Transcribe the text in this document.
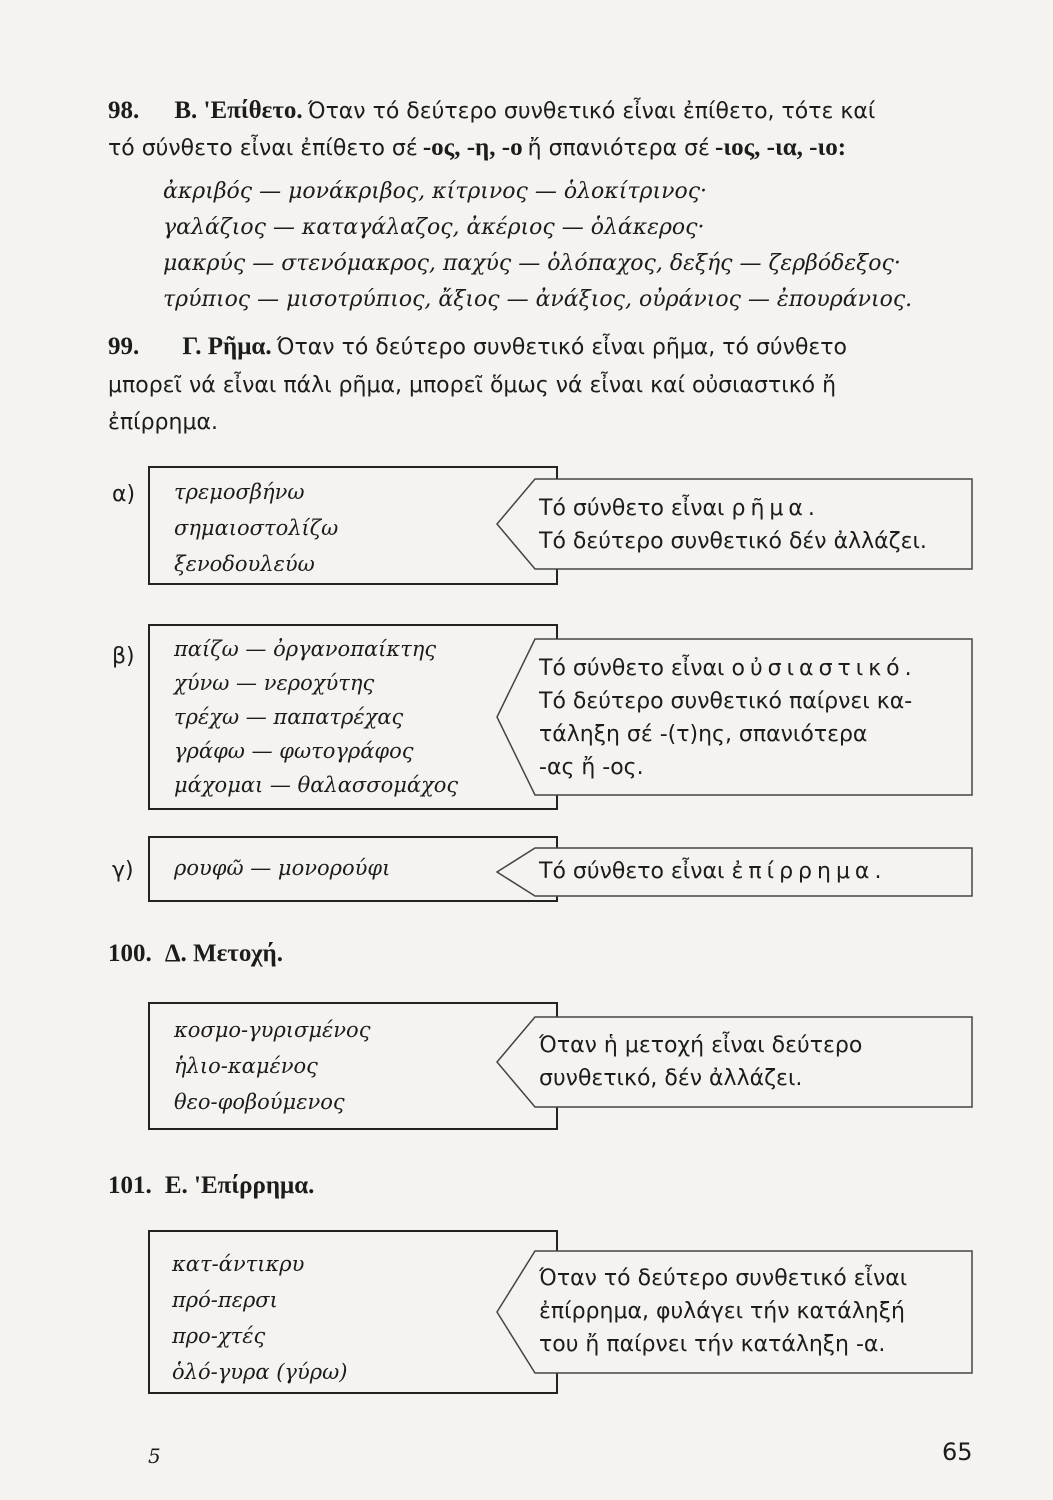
98. Β. 'Επίθετο. Όταν τό δεύτερο συνθετικό εἶναι ἐπίθετο, τότε καί
τό σύνθετο εἶναι ἐπίθετο σέ -ος, -η, -ο ἤ σπανιότερα σέ -ιος, -ια, -ιο:
ἀκριβός — μονάκριβος, κίτρινος — ὁλοκίτρινος·
γαλάζιος — καταγάλαζος, ἀκέριος — ὁλάκερος·
μακρύς — στενόμακρος, παχύς — ὁλόπαχος, δεξής — ζερβόδεξος·
τρύπιος — μισοτρύπιος, ἄξιος — ἀνάξιος, οὐράνιος — ἐπουράνιος.
99. Γ. Ρῆμα. Όταν τό δεύτερο συνθετικό εἶναι ρῆμα, τό σύνθετο
μπορεῖ νά εἶναι πάλι ρῆμα, μπορεῖ ὅμως νά εἶναι καί οὐσιαστικό ἤ
ἐπίρρημα.
α) τρεμοσβήνω
σημαιοστολίζω
ξενοδουλεύω
Τό σύνθετο εἶναι ρῆμα.
Τό δεύτερο συνθετικό δέν ἀλλάζει.
β) παίζω — ὀργανοπαίκτης
χύνω — νεροχύτης
τρέχω — παπατρέχας
γράφω — φωτογράφος
μάχομαι — θαλασσομάχος
Τό σύνθετο εἶναι οὐσιαστικό.
Τό δεύτερο συνθετικό παίρνει κα-
τάληξη σέ -(τ)ης, σπανιότερα
-ας ἤ -ος.
γ) ρουφῶ — μονορούφι	Τό σύνθετο εἶναι ἐπίρρημα.
100. Δ. Μετοχή.
κοσμο-γυρισμένος
ἡλιο-καμένος
θεο-φοβούμενος
Όταν ἡ μετοχή εἶναι δεύτερο
συνθετικό, δέν ἀλλάζει.
101. Ε. 'Επίρρημα.
κατ-άντικρυ
πρό-περσι
προ-χτές
ὁλό-γυρα (γύρω)
Όταν τό δεύτερο συνθετικό εἶναι
ἐπίρρημα, φυλάγει τήν κατάληξή
του ἤ παίρνει τήν κατάληξη -α.
5	65
